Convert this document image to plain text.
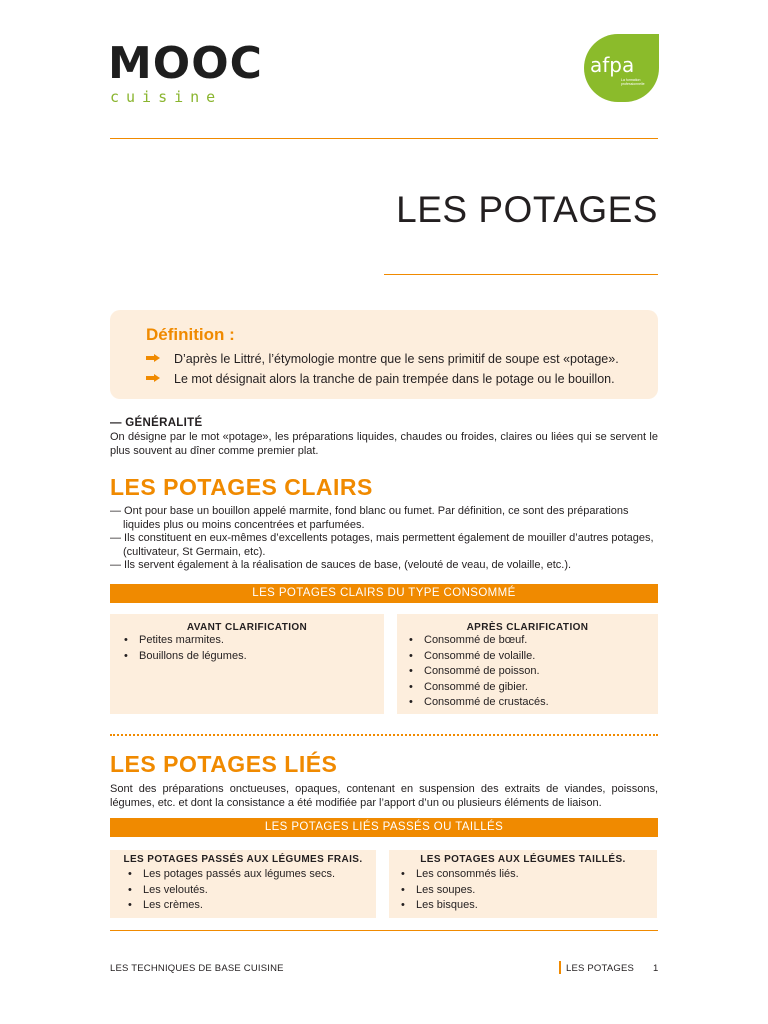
MOOC
cuisine
afpa
La formation professionnelle
LES POTAGES
Définition :
D’après le Littré, l’étymologie montre que le sens primitif de soupe est «potage».
Le mot désignait alors la tranche de pain trempée dans le potage ou le bouillon.
— GÉNÉRALITÉ

On désigne par le mot «potage», les préparations liquides, chaudes ou froides, claires ou liées qui se servent le plus souvent au dîner comme premier plat.

LES POTAGES CLAIRS
— Ont pour base un bouillon appelé marmite, fond blanc ou fumet. Par définition, ce sont des préparations liquides plus ou moins concentrées et parfumées.
— Ils constituent en eux-mêmes d’excellents potages, mais permettent également de mouiller d’autres potages, (cultivateur, St Germain, etc).
— Ils servent également à la réalisation de sauces de base, (velouté de veau, de volaille, etc.).
LES POTAGES CLAIRS DU TYPE CONSOMMÉ
AVANT CLARIFICATION
• Petites marmites.
• Bouillons de légumes.
APRÈS CLARIFICATION
• Consommé de bœuf.
• Consommé de volaille.
• Consommé de poisson.
• Consommé de gibier.
• Consommé de crustacés.
LES POTAGES LIÉS

Sont des préparations onctueuses, opaques, contenant en suspension des extraits de viandes, poissons, légumes, etc. et dont la consistance a été modifiée par l’apport d’un ou plusieurs éléments de liaison.

LES POTAGES LIÉS PASSÉS OU TAILLÉS
LES POTAGES PASSÉS AUX LÉGUMES FRAIS.
• Les potages passés aux légumes secs.
• Les veloutés.
• Les crèmes.
LES POTAGES AUX LÉGUMES TAILLÉS.
• Les consommés liés.
• Les soupes.
• Les bisques.
LES TECHNIQUES DE BASE CUISINE	LES POTAGES 1
